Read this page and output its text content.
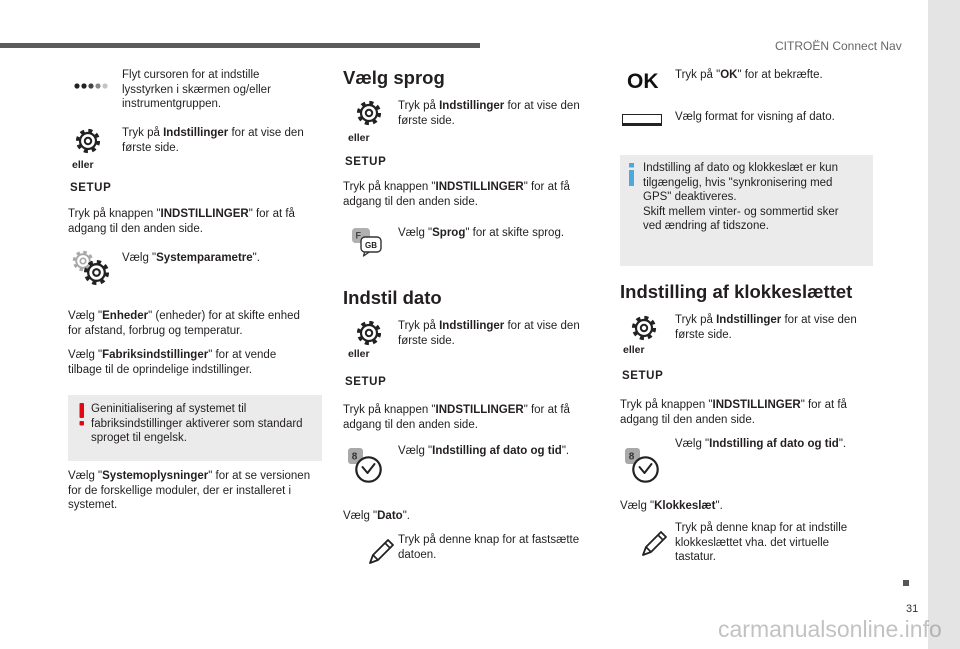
CITROËN Connect Nav
Flyt cursoren for at indstille
lysstyrken i skærmen og/eller
instrumentgruppen.
eller
Tryk på Indstillinger for at vise den
første side.
SETUP
Tryk på knappen "INDSTILLINGER" for at få
adgang til den anden side.
Vælg "Systemparametre".
Vælg "Enheder" (enheder) for at skifte enhed
for afstand, forbrug og temperatur.
Vælg "Fabriksindstillinger" for at vende
tilbage til de oprindelige indstillinger.
Geninitialisering af systemet til
fabriksindstillinger aktiverer som standard
sproget til engelsk.
Vælg "Systemoplysninger" for at se versionen
for de forskellige moduler, der er installeret i
systemet.
Vælg sprog
eller
Tryk på Indstillinger for at vise den
første side.
SETUP
Tryk på knappen "INDSTILLINGER" for at få
adgang til den anden side.
F
GB
Vælg "Sprog" for at skifte sprog.
Indstil dato
eller
Tryk på Indstillinger for at vise den
første side.
SETUP
Tryk på knappen "INDSTILLINGER" for at få
adgang til den anden side.
8	Vælg "Indstilling af dato og tid".
Vælg "Dato".
Tryk på denne knap for at fastsætte
datoen.
OK Tryk på "OK" for at bekræfte.
Vælg format for visning af dato.
Indstilling af dato og klokkeslæt er kun
tilgængelig, hvis "synkronisering med
GPS" deaktiveres.
Skift mellem vinter- og sommertid sker
ved ændring af tidszone.
Indstilling af klokkeslættet
eller
Tryk på Indstillinger for at vise den
første side.
SETUP
Tryk på knappen "INDSTILLINGER" for at få
adgang til den anden side.
8
Vælg "Indstilling af dato og tid".
Vælg "Klokkeslæt".
Tryk på denne knap for at indstille
klokkeslættet vha. det virtuelle
tastatur.
31
carmanualsonline.info
